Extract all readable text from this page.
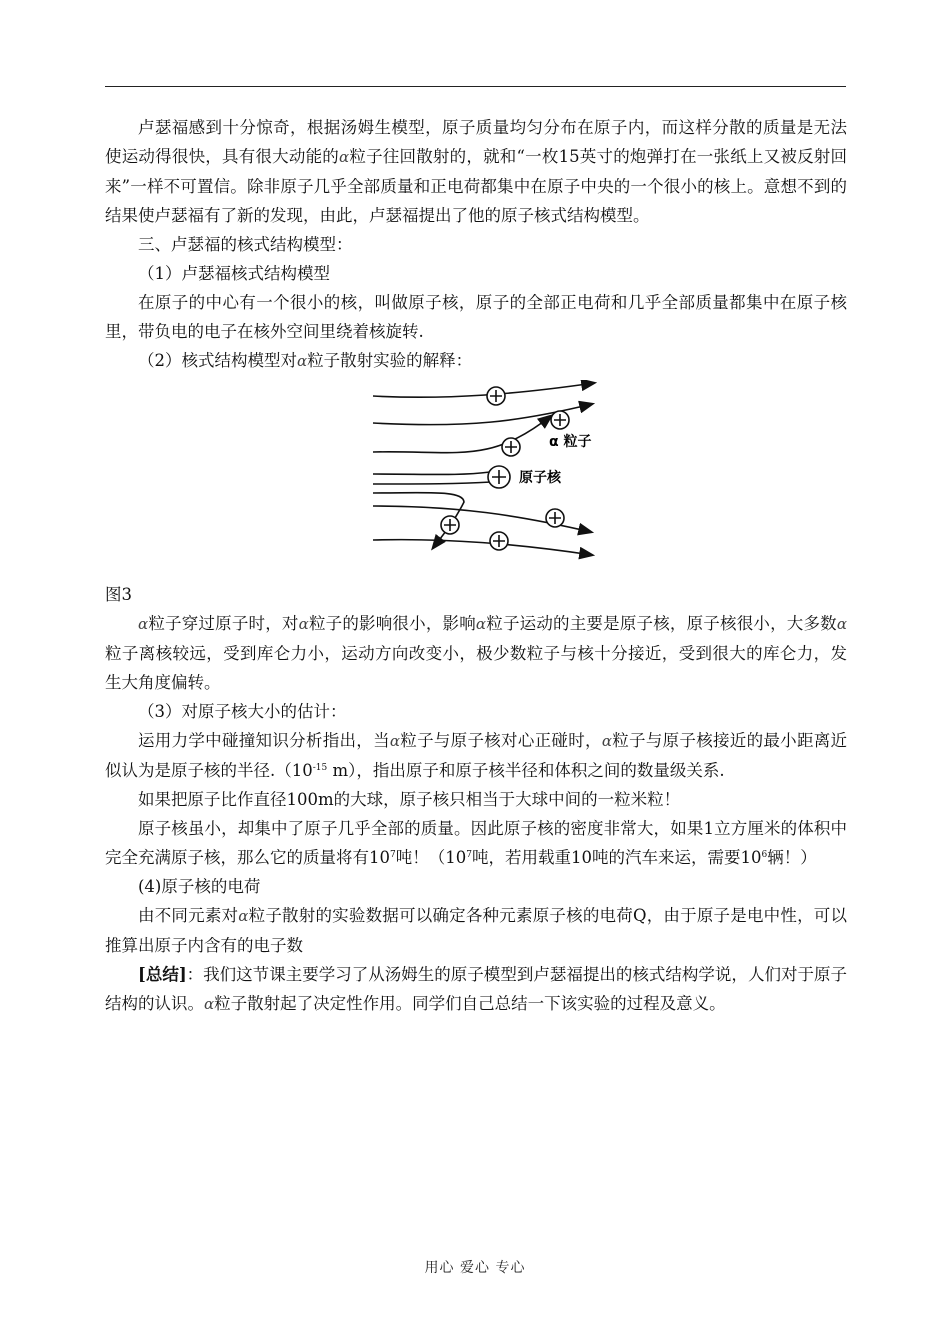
卢瑟福感到十分惊奇，根据汤姆生模型，原子质量均匀分布在原子内，而这样分散的质量是无法使运动得很快，具有很大动能的α粒子往回散射的，就和“一枚15英寸的炮弹打在一张纸上又被反射回来”一样不可置信。除非原子几乎全部质量和正电荷都集中在原子中央的一个很小的核上。意想不到的结果使卢瑟福有了新的发现，由此，卢瑟福提出了他的原子核式结构模型。

三、卢瑟福的核式结构模型：

（1）卢瑟福核式结构模型

在原子的中心有一个很小的核，叫做原子核，原子的全部正电荷和几乎全部质量都集中在原子核里，带负电的电子在核外空间里绕着核旋转.

（2）核式结构模型对α粒子散射实验的解释：

α 粒子
原子核

图3

α粒子穿过原子时，对α粒子的影响很小，影响α粒子运动的主要是原子核，原子核很小，大多数α粒子离核较远，受到库仑力小，运动方向改变小，极少数粒子与核十分接近，受到很大的库仑力，发生大角度偏转。

（3）对原子核大小的估计：

运用力学中碰撞知识分析指出，当α粒子与原子核对心正碰时，α粒子与原子核接近的最小距离近似认为是原子核的半径$.(10^{-15}$ m），指出原子和原子核半径和体积之间的数量级关系.

如果把原子比作直径100m的大球，原子核只相当于大球中间的一粒米粒！

原子核虽小，却集中了原子几乎全部的质量。因此原子核的密度非常大，如果1立方厘米的体积中完全充满原子核，那么它的质量将有$10^7$吨！（$10^7$吨，若用载重10吨的汽车来运，需要$10^6$辆！）

(4)原子核的电荷

由不同元素对α粒子散射的实验数据可以确定各种元素原子核的电荷Q，由于原子是电中性，可以推算出原子内含有的电子数

[总结]：我们这节课主要学习了从汤姆生的原子模型到卢瑟福提出的核式结构学说，人们对于原子结构的认识。α粒子散射起了决定性作用。同学们自己总结一下该实验的过程及意义。

用心 爱心 专心
